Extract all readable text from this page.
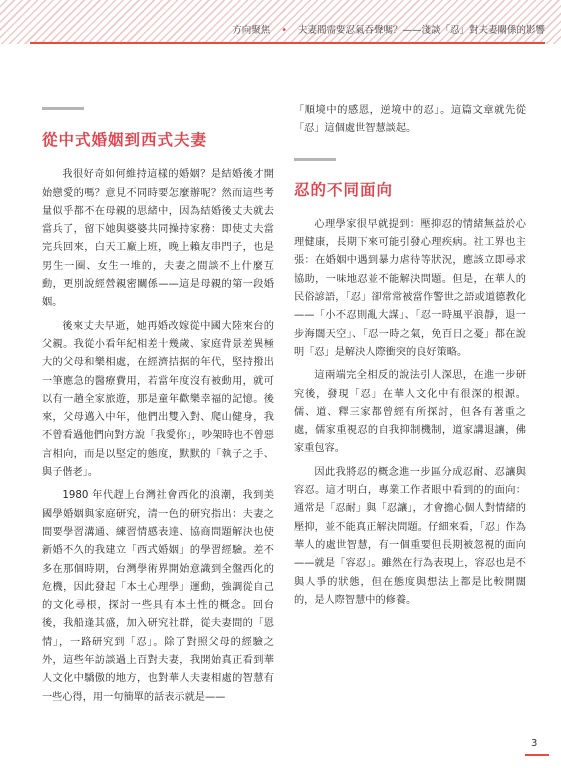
方向聚焦 • 夫妻間需要忍氣吞聲嗎？——淺談「忍」對夫妻關係的影響
從中式婚姻到西式夫妻

我很好奇如何維持這樣的婚姻？是結婚後才開始戀愛的嗎？意見不同時要怎麼辦呢？然而這些考量似乎都不在母親的思緒中，因為結婚後丈夫就去當兵了，留下她與婆婆共同操持家務：即使丈夫當完兵回來，白天工廠上班，晚上賴友串門子，也是男生一圈、女生一堆的，夫妻之間談不上什麼互動，更別說經營親密關係——這是母親的第一段婚姻。

後來丈夫早逝，她再婚改嫁從中國大陸來台的父親。我從小看年紀相差十幾歲、家庭背景差異極大的父母和樂相處，在經濟拮据的年代，堅持撥出一筆應急的醫療費用，若當年度沒有被動用，就可以有一趟全家旅遊，那是童年歡樂幸福的記憶。後來，父母邁入中年，他們出雙入對、爬山健身，我不曾看過他們向對方說「我愛你」，吵架時也不曾惡言相向，而是以堅定的態度，默默的「執子之手、與子偕老」。

1980 年代趕上台灣社會西化的浪潮，我到美國學婚姻與家庭研究，清一色的研究指出：夫妻之間要學習溝通、練習情感表達、協商問題解決也使新婚不久的我建立「西式婚姻」的學習經驗。差不多在那個時期，台灣學術界開始意識到全盤西化的危機，因此發起「本土心理學」運動，強調從自己的文化尋根，探討一些具有本土性的概念。回台後，我船逢其盛，加入研究社群，從夫妻間的「恩情」，一路研究到「忍」。除了對照父母的經驗之外，這些年訪談過上百對夫妻，我開始真正看到華人文化中驕傲的地方，也對華人夫妻相處的智慧有一些心得，用一句簡單的話表示就是——

「順境中的感恩，逆境中的忍」。這篇文章就先從「忍」這個處世智慧談起。

忍的不同面向

心理學家很早就提到：壓抑忍的情緒無益於心理健康，長期下來可能引發心理疾病。社工界也主張：在婚姻中遇到暴力虐待等狀況，應該立即尋求協助，一味地忍並不能解決問題。但是，在華人的民俗諺語，「忍」卻常常被當作警世之語或道德教化——「小不忍則亂大謀」、「忍一時風平浪靜，退一步海闊天空」、「忍一時之氣，免百日之憂」都在說明「忍」是解決人際衝突的良好策略。

這兩端完全相反的說法引人深思，在進一步研究後，發現「忍」在華人文化中有很深的根源。儒、道、釋三家都曾經有所探討，但各有著重之處，儒家重視忍的自我抑制機制，道家講退讓，佛家重包容。

因此我將忍的概念進一步區分成忍耐、忍讓與容忍。這才明白，專業工作者眼中看到的的面向：通常是「忍耐」與「忍讓」，才會擔心個人對情緒的壓抑，並不能真正解決問題。仔細來看，「忍」作為華人的處世智慧，有一個重要但長期被忽視的面向——就是「容忍」。雖然在行為表現上，容忍也是不與人爭的狀態，但在態度與想法上都是比較開闊的，是人際智慧中的修養。

3
